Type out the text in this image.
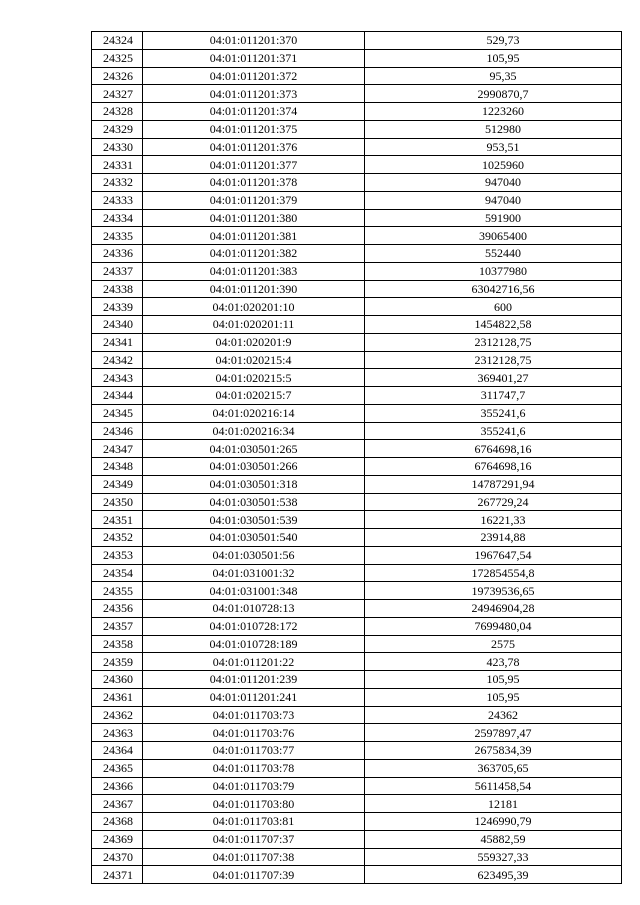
24324	04:01:011201:370	529,73
24325	04:01:011201:371	105,95
24326	04:01:011201:372	95,35
24327	04:01:011201:373	2990870,7
24328	04:01:011201:374	1223260
24329	04:01:011201:375	512980
24330	04:01:011201:376	953,51
24331	04:01:011201:377	1025960
24332	04:01:011201:378	947040
24333	04:01:011201:379	947040
24334	04:01:011201:380	591900
24335	04:01:011201:381	39065400
24336	04:01:011201:382	552440
24337	04:01:011201:383	10377980
24338	04:01:011201:390	63042716,56
24339	04:01:020201:10	600
24340	04:01:020201:11	1454822,58
24341	04:01:020201:9	2312128,75
24342	04:01:020215:4	2312128,75
24343	04:01:020215:5	369401,27
24344	04:01:020215:7	311747,7
24345	04:01:020216:14	355241,6
24346	04:01:020216:34	355241,6
24347	04:01:030501:265	6764698,16
24348	04:01:030501:266	6764698,16
24349	04:01:030501:318	14787291,94
24350	04:01:030501:538	267729,24
24351	04:01:030501:539	16221,33
24352	04:01:030501:540	23914,88
24353	04:01:030501:56	1967647,54
24354	04:01:031001:32	172854554,8
24355	04:01:031001:348	19739536,65
24356	04:01:010728:13	24946904,28
24357	04:01:010728:172	7699480,04
24358	04:01:010728:189	2575
24359	04:01:011201:22	423,78
24360	04:01:011201:239	105,95
24361	04:01:011201:241	105,95
24362	04:01:011703:73	24362
24363	04:01:011703:76	2597897,47
24364	04:01:011703:77	2675834,39
24365	04:01:011703:78	363705,65
24366	04:01:011703:79	5611458,54
24367	04:01:011703:80	12181
24368	04:01:011703:81	1246990,79
24369	04:01:011707:37	45882,59
24370	04:01:011707:38	559327,33
24371	04:01:011707:39	623495,39
